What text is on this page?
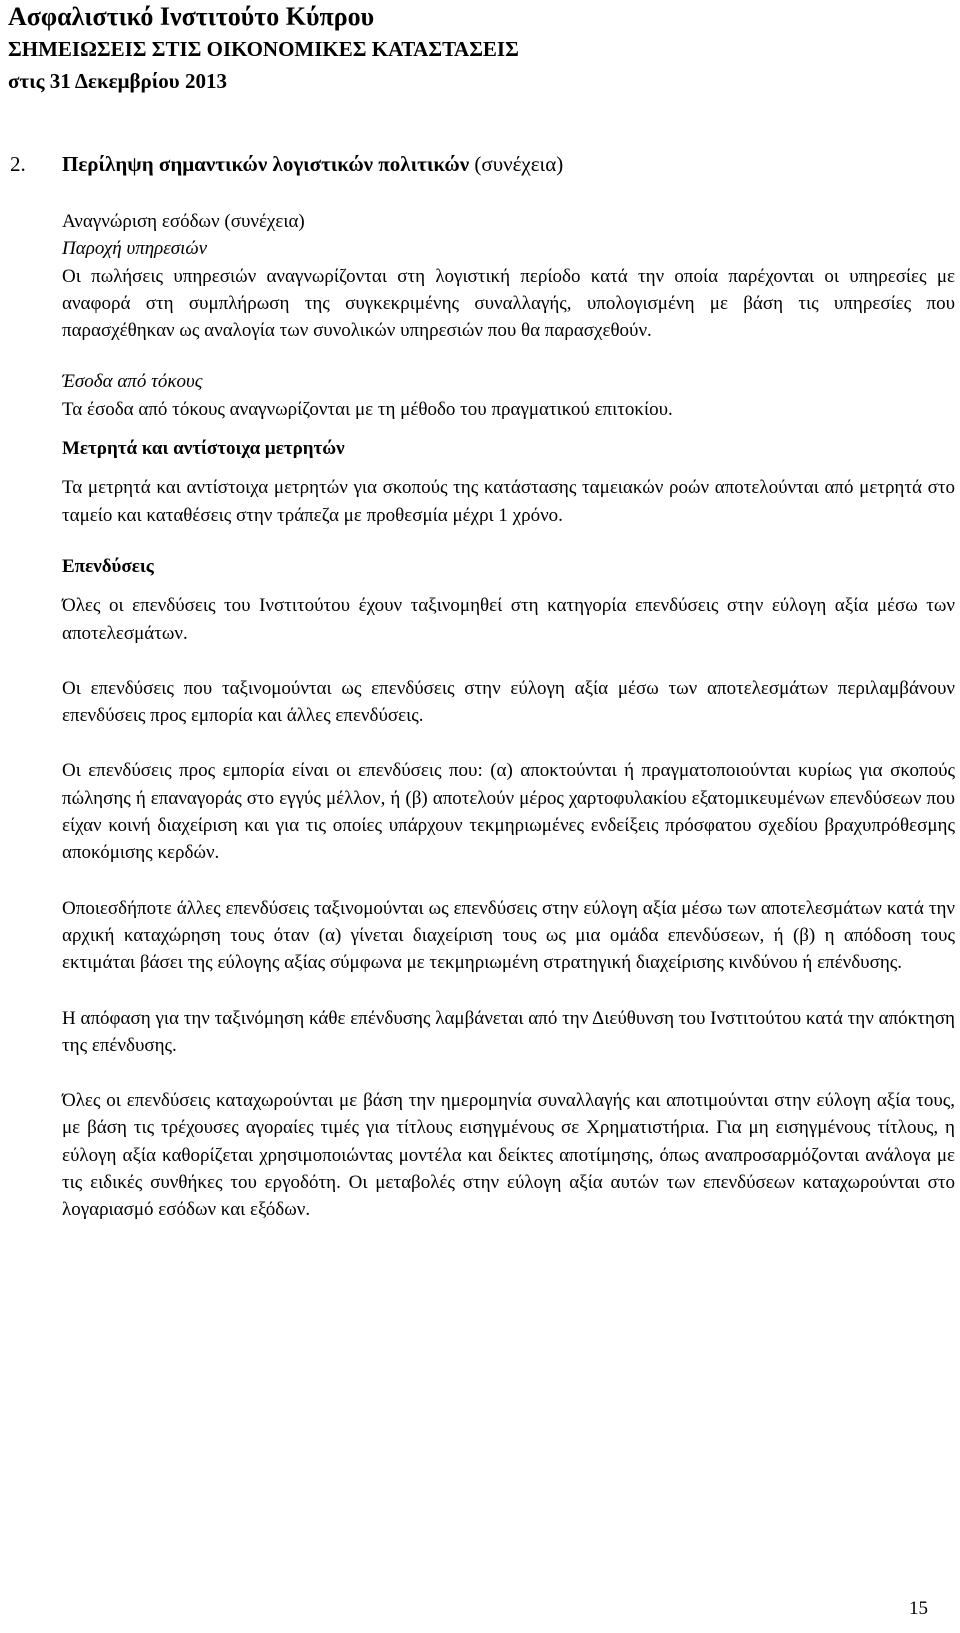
Ασφαλιστικό Ινστιτούτο Κύπρου
ΣΗΜΕΙΩΣΕΙΣ ΣΤΙΣ ΟΙΚΟΝΟΜΙΚΕΣ ΚΑΤΑΣΤΑΣΕΙΣ
στις 31 Δεκεμβρίου 2013
2. Περίληψη σημαντικών λογιστικών πολιτικών (συνέχεια)

Αναγνώριση εσόδων (συνέχεια)

Παροχή υπηρεσιών

Οι πωλήσεις υπηρεσιών αναγνωρίζονται στη λογιστική περίοδο κατά την οποία παρέχονται οι υπηρεσίες με αναφορά στη συμπλήρωση της συγκεκριμένης συναλλαγής, υπολογισμένη με βάση τις υπηρεσίες που παρασχέθηκαν ως αναλογία των συνολικών υπηρεσιών που θα παρασχεθούν.

Έσοδα από τόκους

Τα έσοδα από τόκους αναγνωρίζονται με τη μέθοδο του πραγματικού επιτοκίου.

Μετρητά και αντίστοιχα μετρητών

Τα μετρητά και αντίστοιχα μετρητών για σκοπούς της κατάστασης ταμειακών ροών αποτελούνται από μετρητά στο ταμείο και καταθέσεις στην τράπεζα με προθεσμία μέχρι 1 χρόνο.

Επενδύσεις

Όλες οι επενδύσεις του Ινστιτούτου έχουν ταξινομηθεί στη κατηγορία επενδύσεις στην εύλογη αξία μέσω των αποτελεσμάτων.

Οι επενδύσεις που ταξινομούνται ως επενδύσεις στην εύλογη αξία μέσω των αποτελεσμάτων περιλαμβάνουν επενδύσεις προς εμπορία και άλλες επενδύσεις.

Οι επενδύσεις προς εμπορία είναι οι επενδύσεις που: (α) αποκτούνται ή πραγματοποιούνται κυρίως για σκοπούς πώλησης ή επαναγοράς στο εγγύς μέλλον, ή (β) αποτελούν μέρος χαρτοφυλακίου εξατομικευμένων επενδύσεων που είχαν κοινή διαχείριση και για τις οποίες υπάρχουν τεκμηριωμένες ενδείξεις πρόσφατου σχεδίου βραχυπρόθεσμης αποκόμισης κερδών.

Οποιεσδήποτε άλλες επενδύσεις ταξινομούνται ως επενδύσεις στην εύλογη αξία μέσω των αποτελεσμάτων κατά την αρχική καταχώρηση τους όταν (α) γίνεται διαχείριση τους ως μια ομάδα επενδύσεων, ή (β) η απόδοση τους εκτιμάται βάσει της εύλογης αξίας σύμφωνα με τεκμηριωμένη στρατηγική διαχείρισης κινδύνου ή επένδυσης.

Η απόφαση για την ταξινόμηση κάθε επένδυσης λαμβάνεται από την Διεύθυνση του Ινστιτούτου κατά την απόκτηση της επένδυσης.

Όλες οι επενδύσεις καταχωρούνται με βάση την ημερομηνία συναλλαγής και αποτιμούνται στην εύλογη αξία τους, με βάση τις τρέχουσες αγοραίες τιμές για τίτλους εισηγμένους σε Χρηματιστήρια. Για μη εισηγμένους τίτλους, η εύλογη αξία καθορίζεται χρησιμοποιώντας μοντέλα και δείκτες αποτίμησης, όπως αναπροσαρμόζονται ανάλογα με τις ειδικές συνθήκες του εργοδότη. Οι μεταβολές στην εύλογη αξία αυτών των επενδύσεων καταχωρούνται στο λογαριασμό εσόδων και εξόδων.

15
